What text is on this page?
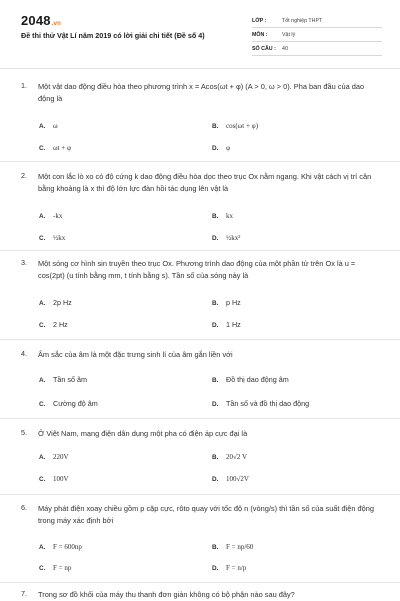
2048.vn
Đề thi thử Vật Lí năm 2019 có lời giải chi tiết (Đề số 4)
LỚP :	Tốt nghiệp THPT
MÔN :	Vật lý
SỐ CÂU :	40
1. Một vật dao động điều hòa theo phương trình x = Acos(ωt + φ) (A > 0, ω > 0). Pha ban đầu của dao động là
A. ω	B. cos(ωt + φ)
C. ωt + φ	D. φ
2. Một con lắc lò xo có độ cứng k dao động điều hòa dọc theo trục Ox nằm ngang. Khi vật cách vị trí cân bằng khoảng là x thì độ lớn lực đàn hồi tác dụng lên vật là
A. -kx	B. kx
C. ½kx	D. ½kx²
3. Một sóng cơ hình sin truyền theo trục Ox. Phương trình dao động của một phần tử trên Ox là u = cos(2pt) (u tính bằng mm, t tính bằng s). Tần số của sóng này là
A. 2p Hz	B. p Hz
C. 2 Hz	D. 1 Hz
4. Âm sắc của âm là một đặc trưng sinh lí của âm gắn liền với
A. Tần số âm	B. Đồ thị dao động âm
C. Cường độ âm	D. Tần số và đồ thị dao động
5. Ở Việt Nam, mạng điện dân dụng một pha có điện áp cực đại là
A. 220V	B. 20√2 V
C. 100V	D. 100√2V
6. Máy phát điện xoay chiều gồm p cặp cực, rôto quay với tốc độ n (vòng/s) thì tần số của suất điện động trong máy xác định bởi
A. F = 600np	B. F = np/60
C. F = np	D. F = n/p
7. Trong sơ đồ khối của máy thu thanh đơn giản không có bộ phận nào sau đây?
